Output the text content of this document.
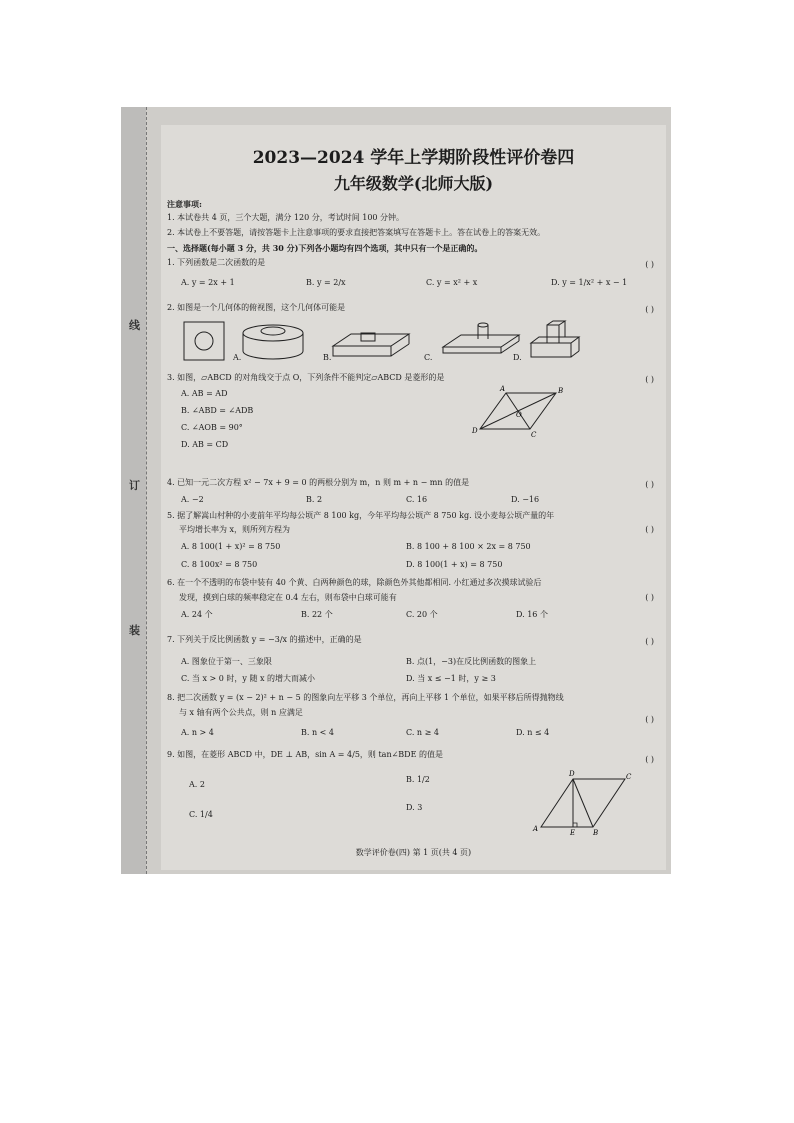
线
订
装
2023—2024 学年上学期阶段性评价卷四
九年级数学(北师大版)
注意事项:
1. 本试卷共 4 页，三个大题，满分 120 分，考试时间 100 分钟。
2. 本试卷上不要答题，请按答题卡上注意事项的要求直接把答案填写在答题卡上。答在试卷上的答案无效。
一、选择题(每小题 3 分，共 30 分)下列各小题均有四个选项，其中只有一个是正确的。
1. 下列函数是二次函数的是	( )
A. y = 2x + 1	B. y = 2/x	C. y = x² + x	D. y = 1/x² + x − 1
2. 如图是一个几何体的俯视图，这个几何体可能是	( )
A.	B.	C.	D.
3. 如图，▱ABCD 的对角线交于点 O，下列条件不能判定▱ABCD 是菱形的是	( )
A. AB = AD
B. ∠ABD = ∠ADB
C. ∠AOB = 90°
D. AB = CD
A	B
C
D
O
4. 已知一元二次方程 x² − 7x + 9 = 0 的两根分别为 m，n 则 m + n − mn 的值是	( )
A. −2	B. 2	C. 16	D. −16
5. 据了解嵩山村种的小麦前年平均每公顷产 8 100 kg，今年平均每公顷产 8 750 kg. 设小麦每公顷产量的年
平均增长率为 x，则所列方程为	( )
A. 8 100(1 + x)² = 8 750	B. 8 100 + 8 100 × 2x = 8 750
C. 8 100x² = 8 750	D. 8 100(1 + x) = 8 750
6. 在一个不透明的布袋中装有 40 个黄、白两种颜色的球，除颜色外其他都相同. 小红通过多次摸球试验后
发现，摸到白球的频率稳定在 0.4 左右，则布袋中白球可能有	( )
A. 24 个	B. 22 个	C. 20 个	D. 16 个
7. 下列关于反比例函数 y = −3/x 的描述中，正确的是	( )
A. 图象位于第一、三象限	B. 点(1，−3)在反比例函数的图象上
C. 当 x > 0 时，y 随 x 的增大而减小	D. 当 x ≤ −1 时，y ≥ 3
8. 把二次函数 y = (x − 2)² + n − 5 的图象向左平移 3 个单位，再向上平移 1 个单位，如果平移后所得抛物线
与 x 轴有两个公共点，则 n 应满足
( )
A. n > 4	B. n < 4	C. n ≥ 4	D. n ≤ 4
9. 如图，在菱形 ABCD 中，DE ⊥ AB，sin A = 4/5，则 tan∠BDE 的值是
( )
A. 2
B. 1/2
C. 1/4
D. 3
A	B
C
D
E
数学评价卷(四) 第 1 页(共 4 页)
